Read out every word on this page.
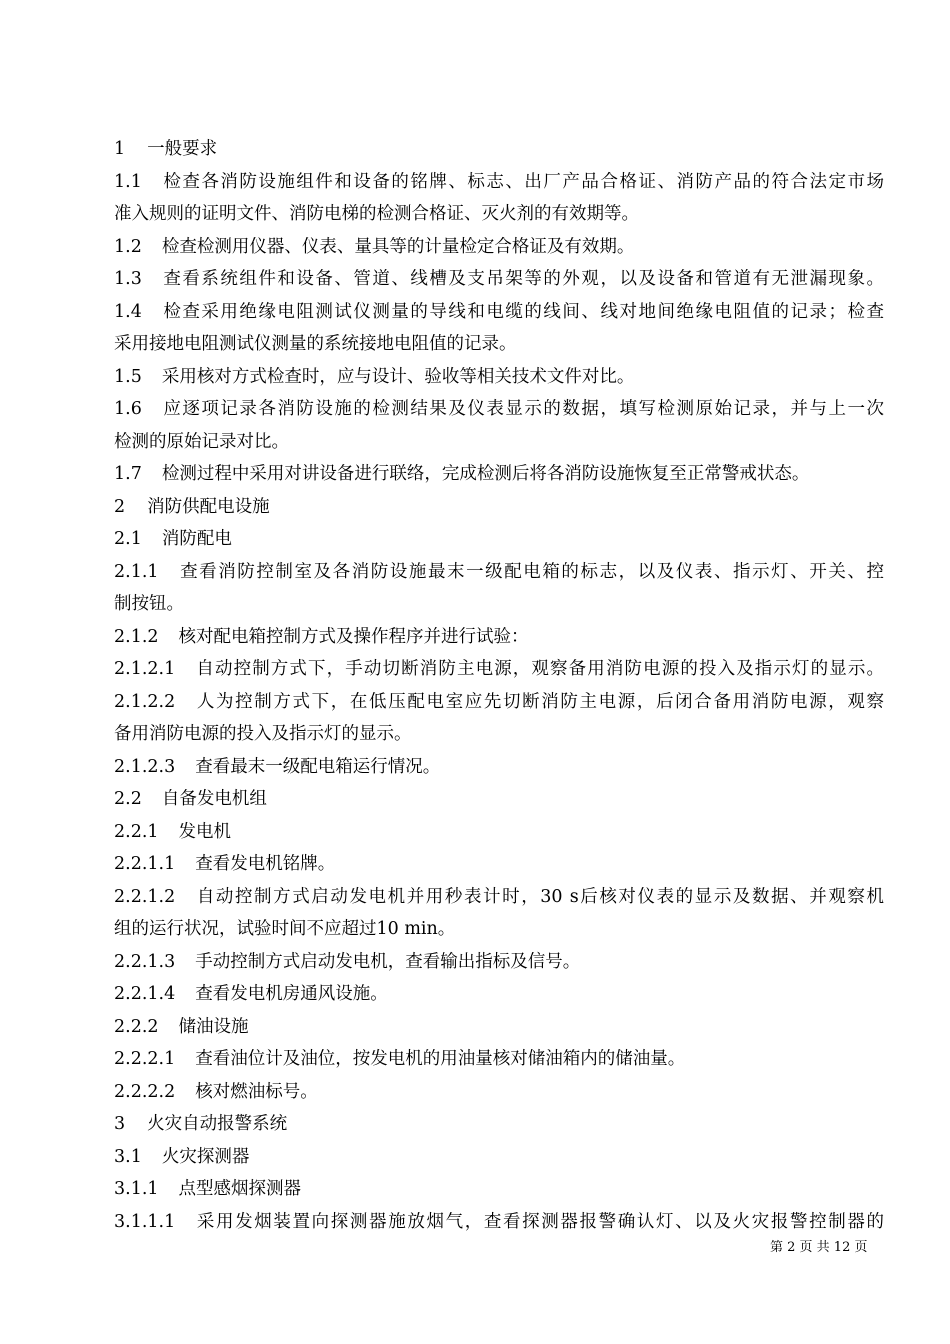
1 一般要求
1.1 检查各消防设施组件和设备的铭牌、标志、出厂产品合格证、消防产品的符合法定市场
准入规则的证明文件、消防电梯的检测合格证、灭火剂的有效期等。
1.2 检查检测用仪器、仪表、量具等的计量检定合格证及有效期。
1.3 查看系统组件和设备、管道、线槽及支吊架等的外观，以及设备和管道有无泄漏现象。
1.4 检查采用绝缘电阻测试仪测量的导线和电缆的线间、线对地间绝缘电阻值的记录；检查
采用接地电阻测试仪测量的系统接地电阻值的记录。
1.5 采用核对方式检查时，应与设计、验收等相关技术文件对比。
1.6 应逐项记录各消防设施的检测结果及仪表显示的数据，填写检测原始记录，并与上一次
检测的原始记录对比。
1.7 检测过程中采用对讲设备进行联络，完成检测后将各消防设施恢复至正常警戒状态。
2 消防供配电设施
2.1 消防配电
2.1.1 查看消防控制室及各消防设施最末一级配电箱的标志，以及仪表、指示灯、开关、控
制按钮。
2.1.2 核对配电箱控制方式及操作程序并进行试验：
2.1.2.1 自动控制方式下，手动切断消防主电源，观察备用消防电源的投入及指示灯的显示。
2.1.2.2 人为控制方式下，在低压配电室应先切断消防主电源，后闭合备用消防电源，观察
备用消防电源的投入及指示灯的显示。
2.1.2.3 查看最末一级配电箱运行情况。
2.2 自备发电机组
2.2.1 发电机
2.2.1.1 查看发电机铭牌。
2.2.1.2 自动控制方式启动发电机并用秒表计时，30 s后核对仪表的显示及数据、并观察机
组的运行状况，试验时间不应超过10 min。
2.2.1.3 手动控制方式启动发电机，查看输出指标及信号。
2.2.1.4 查看发电机房通风设施。
2.2.2 储油设施
2.2.2.1 查看油位计及油位，按发电机的用油量核对储油箱内的储油量。
2.2.2.2 核对燃油标号。
3 火灾自动报警系统
3.1 火灾探测器
3.1.1 点型感烟探测器
3.1.1.1 采用发烟装置向探测器施放烟气，查看探测器报警确认灯、以及火灾报警控制器的
第 2 页 共 12 页
